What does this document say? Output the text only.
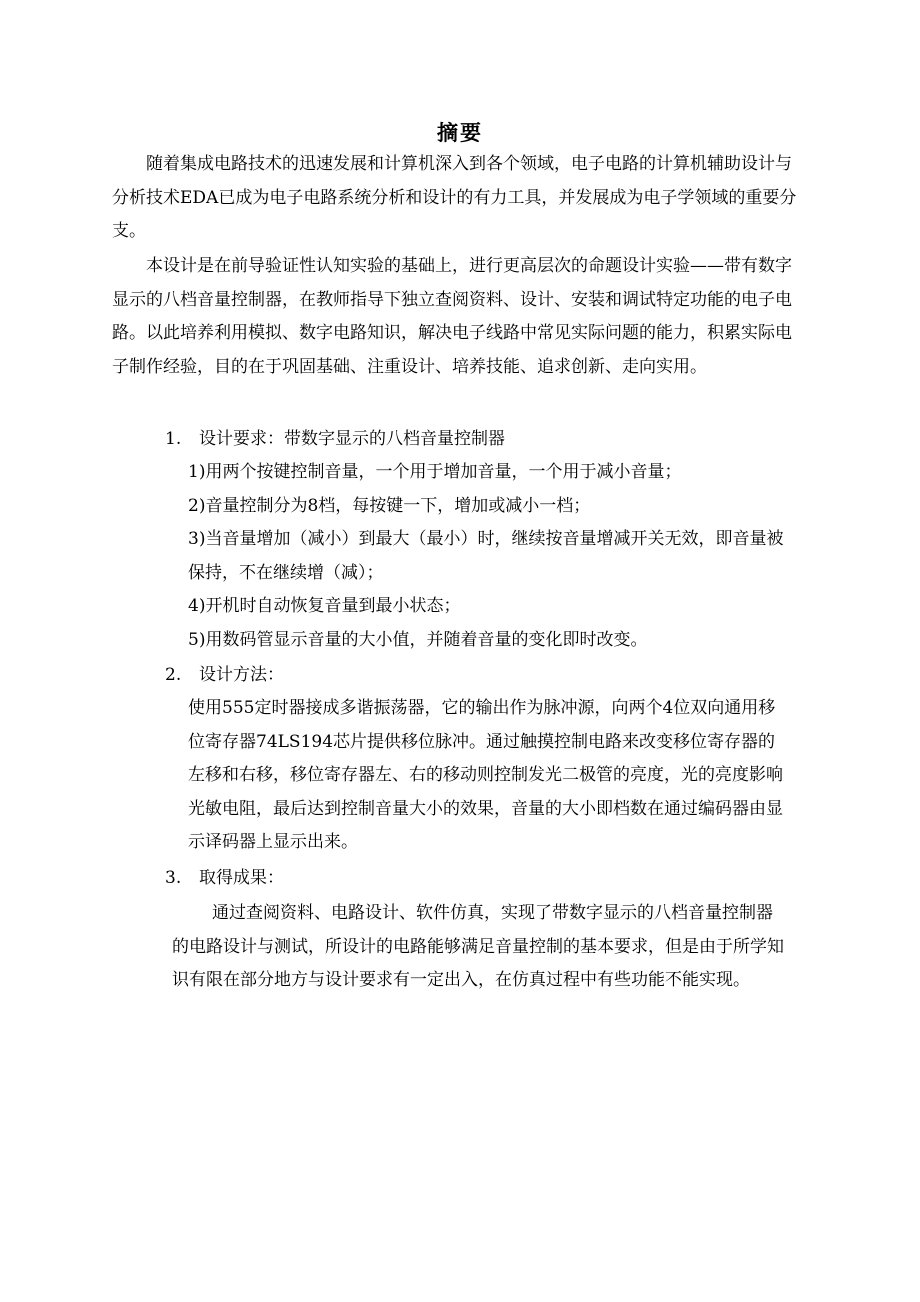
摘要
随着集成电路技术的迅速发展和计算机深入到各个领域，电子电路的计算机辅助设计与分析技术EDA已成为电子电路系统分析和设计的有力工具，并发展成为电子学领域的重要分支。
本设计是在前导验证性认知实验的基础上，进行更高层次的命题设计实验——带有数字显示的八档音量控制器，在教师指导下独立查阅资料、设计、安装和调试特定功能的电子电路。以此培养利用模拟、数字电路知识，解决电子线路中常见实际问题的能力，积累实际电子制作经验，目的在于巩固基础、注重设计、培养技能、追求创新、走向实用。
1. 设计要求：带数字显示的八档音量控制器
1)用两个按键控制音量，一个用于增加音量，一个用于减小音量；
2)音量控制分为8档，每按键一下，增加或减小一档；
3)当音量增加（减小）到最大（最小）时，继续按音量增减开关无效，即音量被保持，不在继续增（减）；
4)开机时自动恢复音量到最小状态；
5)用数码管显示音量的大小值，并随着音量的变化即时改变。
2. 设计方法：
使用555定时器接成多谐振荡器，它的输出作为脉冲源，向两个4位双向通用移位寄存器74LS194芯片提供移位脉冲。通过触摸控制电路来改变移位寄存器的左移和右移，移位寄存器左、右的移动则控制发光二极管的亮度，光的亮度影响光敏电阻，最后达到控制音量大小的效果，音量的大小即档数在通过编码器由显示译码器上显示出来。
3. 取得成果：
通过查阅资料、电路设计、软件仿真，实现了带数字显示的八档音量控制器的电路设计与测试，所设计的电路能够满足音量控制的基本要求，但是由于所学知识有限在部分地方与设计要求有一定出入，在仿真过程中有些功能不能实现。
